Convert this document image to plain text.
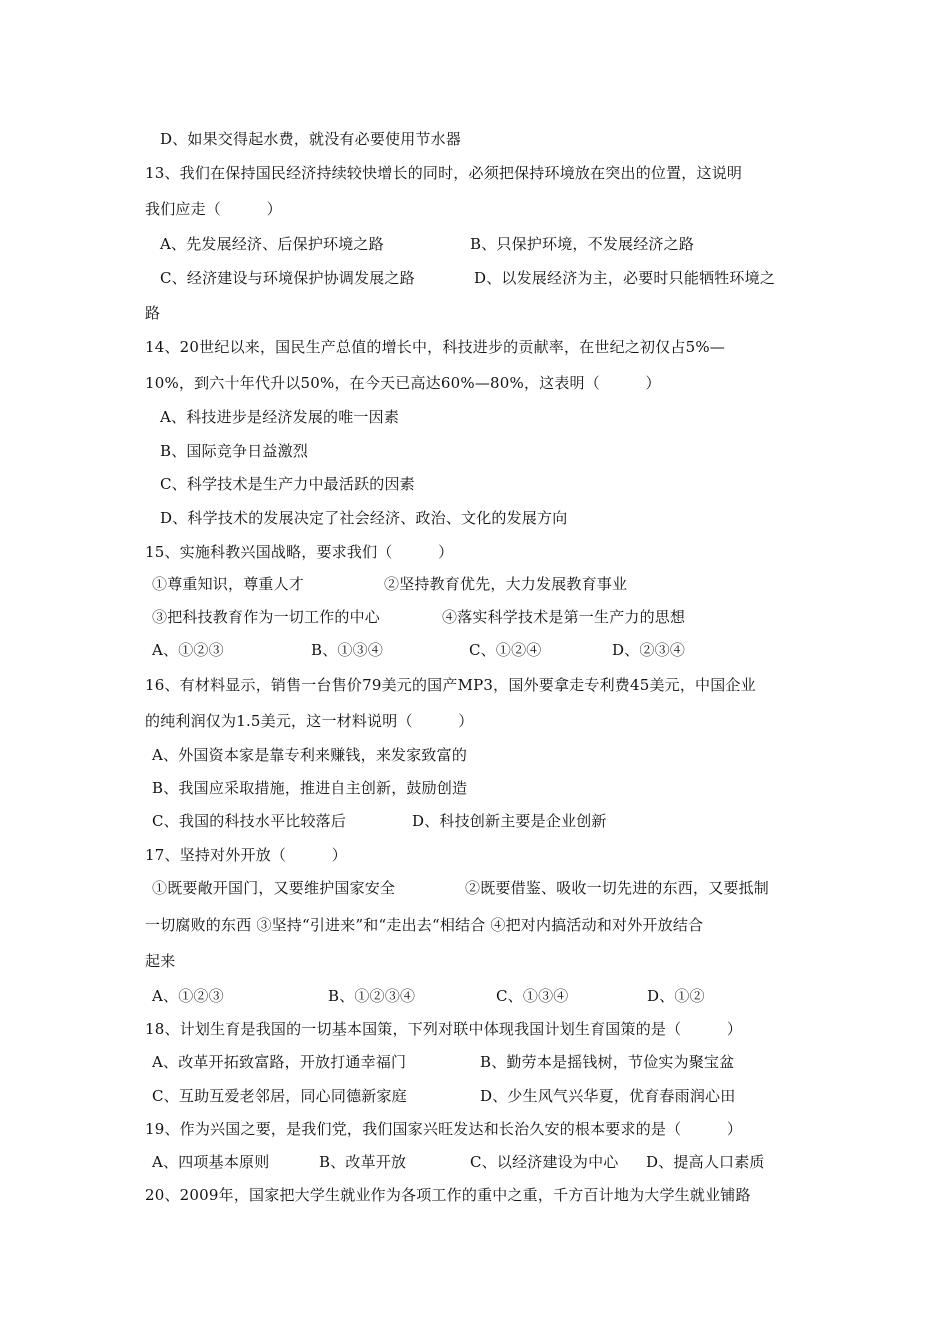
D、如果交得起水费，就没有必要使用节水器
13、我们在保持国民经济持续较快增长的同时，必须把保持环境放在突出的位置，这说明
我们应走（　　　）
A、先发展经济、后保护环境之路	B、只保护环境，不发展经济之路
C、经济建设与环境保护协调发展之路	D、以发展经济为主，必要时只能牺牲环境之
路
14、20世纪以来，国民生产总值的增长中，科技进步的贡献率，在世纪之初仅占5%—
10%，到六十年代升以50%，在今天已高达60%—80%，这表明（　　　）
A、科技进步是经济发展的唯一因素
B、国际竞争日益激烈
C、科学技术是生产力中最活跃的因素
D、科学技术的发展决定了社会经济、政治、文化的发展方向
15、实施科教兴国战略，要求我们（　　　）
①尊重知识，尊重人才	②坚持教育优先，大力发展教育事业
③把科技教育作为一切工作的中心	④落实科学技术是第一生产力的思想
A、①②③	B、①③④	C、①②④	D、②③④
16、有材料显示，销售一台售价79美元的国产MP3，国外要拿走专利费45美元，中国企业
的纯利润仅为1.5美元，这一材料说明（　　　）
A、外国资本家是靠专利来赚钱，来发家致富的
B、我国应采取措施，推进自主创新，鼓励创造
C、我国的科技水平比较落后	D、科技创新主要是企业创新
17、坚持对外开放（　　　）
①既要敞开国门，又要维护国家安全	②既要借鉴、吸收一切先进的东西，又要抵制
一切腐败的东西 ③坚持“引进来”和“走出去“相结合 ④把对内搞活动和对外开放结合
起来
A、①②③	B、①②③④	C、①③④	D、①②
18、计划生育是我国的一切基本国策，下列对联中体现我国计划生育国策的是（　　　）
A、改革开拓致富路，开放打通幸福门	B、勤劳本是摇钱树，节俭实为聚宝盆
C、互助互爱老邻居，同心同德新家庭	D、少生风气兴华夏，优育春雨润心田
19、作为兴国之要，是我们党，我们国家兴旺发达和长治久安的根本要求的是（　　　）
A、四项基本原则	B、改革开放	C、以经济建设为中心 D、提高人口素质
20、2009年，国家把大学生就业作为各项工作的重中之重，千方百计地为大学生就业铺路
